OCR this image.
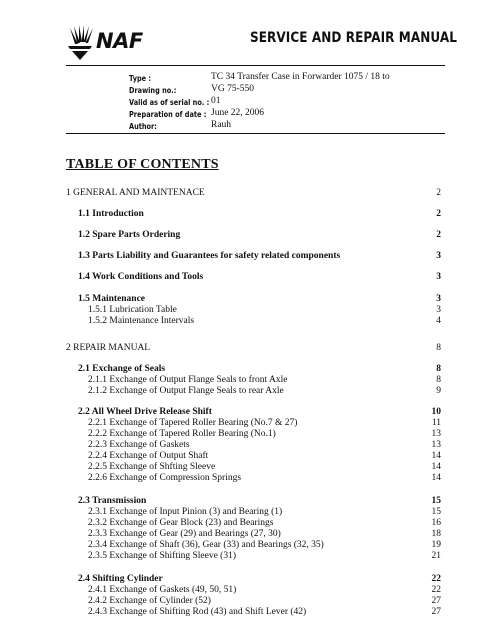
NAF	SERVICE AND REPAIR MANUAL
Type :	TC 34 Transfer Case in Forwarder 1075 / 18 to
Drawing no.:	VG 75-550
Valid as of serial no. : 01
Preparation of date : June 22, 2006
Author:	Rauh
TABLE OF CONTENTS
1 GENERAL AND MAINTENACE	2
1.1 Introduction	2
1.2 Spare Parts Ordering	2
1.3 Parts Liability and Guarantees for safety related components	3
1.4 Work Conditions and Tools	3
1.5 Maintenance	3
1.5.1 Lubrication Table	3
1.5.2 Maintenance Intervals	4
2 REPAIR MANUAL	8
2.1 Exchange of Seals	8
2.1.1 Exchange of Output Flange Seals to front Axle	8
2.1.2 Exchange of Output Flange Seals to rear Axle	9
2.2 All Wheel Drive Release Shift	10
2.2.1 Exchange of Tapered Roller Bearing (No.7 & 27)	11
2.2.2 Exchange of Tapered Roller Bearing (No.1)	13
2.2.3 Exchange of Gaskets	13
2.2.4 Exchange of Output Shaft	14
2.2.5 Exchange of Shfting Sleeve	14
2.2.6 Exchange of Compression Springs	14
2.3 Transmission	15
2.3.1 Exchange of Input Pinion (3) and Bearing (1)	15
2.3.2 Exchange of Gear Block (23) and Bearings	16
2.3.3 Exchange of Gear (29) and Bearings (27, 30)	18
2.3.4 Exchange of Shaft (36), Gear (33) and Bearings (32, 35)	19
2.3.5 Exchange of Shifting Sleeve (31)	21
2.4 Shifting Cylinder	22
2.4.1 Exchange of Gaskets (49, 50, 51)	22
2.4.2 Exchange of Cylinder (52)	27
2.4.3 Exchange of Shifting Rod (43) and Shift Lever (42)	27
